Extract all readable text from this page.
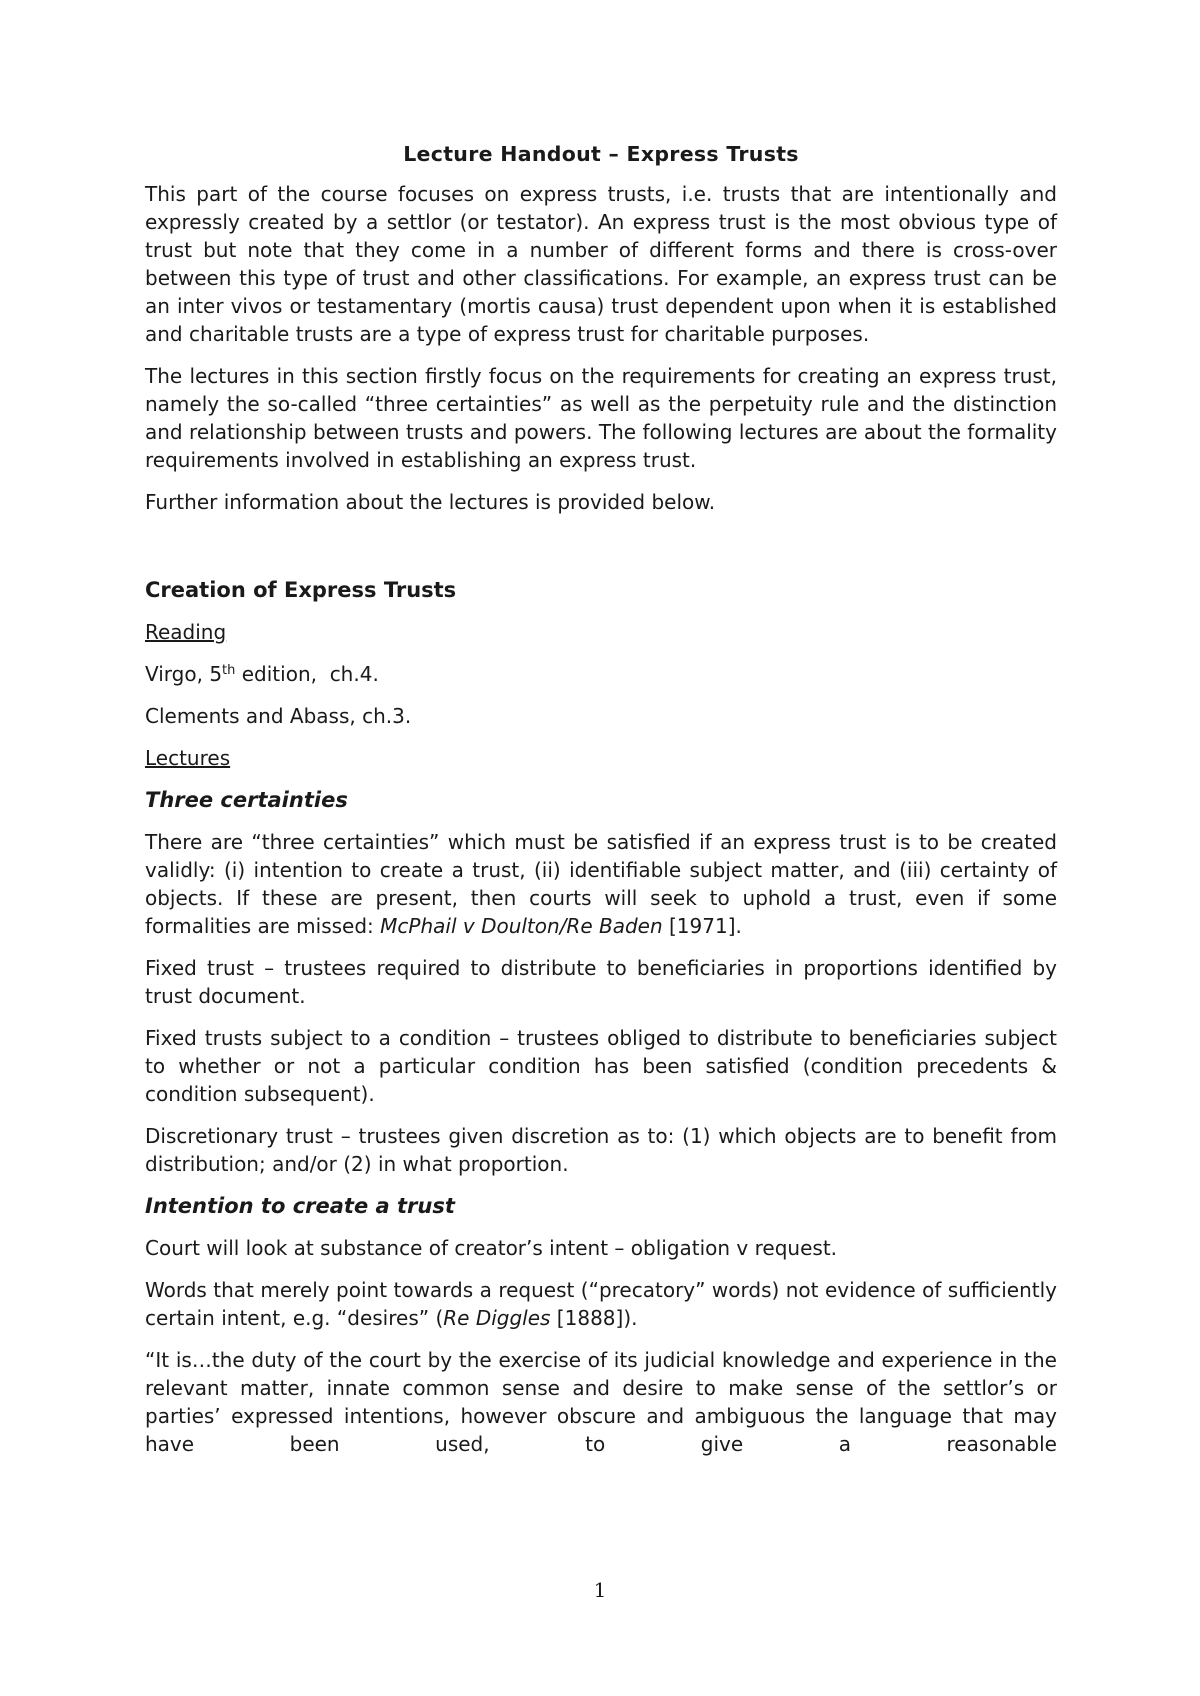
Lecture Handout – Express Trusts

This part of the course focuses on express trusts, i.e. trusts that are intentionally and expressly created by a settlor (or testator). An express trust is the most obvious type of trust but note that they come in a number of different forms and there is cross-over between this type of trust and other classifications. For example, an express trust can be an inter vivos or testamentary (mortis causa) trust dependent upon when it is established and charitable trusts are a type of express trust for charitable purposes.

The lectures in this section firstly focus on the requirements for creating an express trust, namely the so-called “three certainties” as well as the perpetuity rule and the distinction and relationship between trusts and powers. The following lectures are about the formality requirements involved in establishing an express trust.

Further information about the lectures is provided below.

Creation of Express Trusts
Reading

Virgo, 5th edition,  ch.4.

Clements and Abass, ch.3.

Lectures
Three certainties

There are “three certainties” which must be satisfied if an express trust is to be created validly: (i) intention to create a trust, (ii) identifiable subject matter, and (iii) certainty of objects. If these are present, then courts will seek to uphold a trust, even if some formalities are missed: McPhail v Doulton/Re Baden [1971].

Fixed trust – trustees required to distribute to beneficiaries in proportions identified by trust document.

Fixed trusts subject to a condition – trustees obliged to distribute to beneficiaries subject to whether or not a particular condition has been satisfied (condition precedents & condition subsequent).

Discretionary trust – trustees given discretion as to: (1) which objects are to benefit from distribution; and/or (2) in what proportion.

Intention to create a trust

Court will look at substance of creator’s intent – obligation v request.

Words that merely point towards a request (“precatory” words) not evidence of sufficiently certain intent, e.g. “desires” (Re Diggles [1888]).

“It is…the duty of the court by the exercise of its judicial knowledge and experience in the relevant matter, innate common sense and desire to make sense of the settlor’s or parties’ expressed intentions, however obscure and ambiguous the language that may have been used, to give a reasonable

1
